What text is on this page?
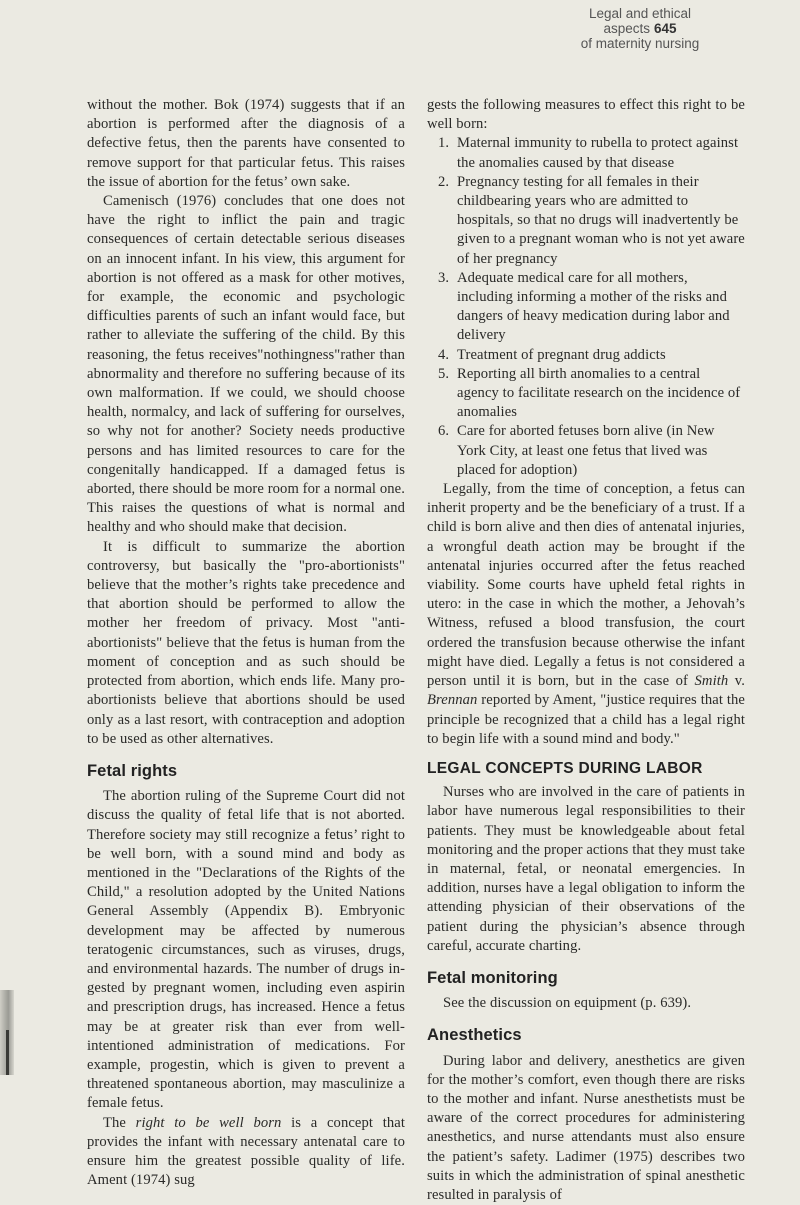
Legal and ethical aspects 645
of maternity nursing

without the mother. Bok (1974) suggests that if an abortion is performed after the diagnosis of a defective fetus, then the parents have consented to remove support for that particular fetus. This raises the issue of abortion for the fetus’ own sake.

Camenisch (1976) concludes that one does not have the right to inflict the pain and tragic consequences of certain detectable serious diseases on an innocent infant. In his view, this argument for abortion is not offered as a mask for other motives, for example, the economic and psychologic difficulties parents of such an infant would face, but rather to alleviate the suffering of the child. By this reasoning, the fetus receives"nothingness"rather than abnormality and therefore no suffering because of its own malformation. If we could, we should choose health, normalcy, and lack of suffering for ourselves, so why not for another? Society needs productive persons and has limited resources to care for the congenitally handicapped. If a damaged fetus is aborted, there should be more room for a normal one. This raises the questions of what is normal and healthy and who should make that decision.

It is difficult to summarize the abortion controversy, but basically the "pro-abortionists" believe that the mother’s rights take precedence and that abortion should be performed to allow the mother her freedom of privacy. Most "anti-abortionists" believe that the fetus is human from the moment of conception and as such should be protected from abortion, which ends life. Many pro-abortionists believe that abortions should be used only as a last resort, with contraception and adoption to be used as other alternatives.

Fetal rights

The abortion ruling of the Supreme Court did not discuss the quality of fetal life that is not aborted. Therefore society may still recognize a fetus’ right to be well born, with a sound mind and body as mentioned in the "Declarations of the Rights of the Child," a resolution adopted by the United Nations General Assembly (Appendix B). Embryonic development may be affected by numerous teratogenic circumstances, such as viruses, drugs, and environmental hazards. The number of drugs ingested by pregnant women, including even aspirin and prescription drugs, has increased. Hence a fetus may be at greater risk than ever from well-intentioned administration of medications. For example, progestin, which is given to prevent a threatened spontaneous abortion, may masculinize a female fetus.

The right to be well born is a concept that provides the infant with necessary antenatal care to ensure him the greatest possible quality of life. Ament (1974) sug

gests the following measures to effect this right to be well born:

1. Maternal immunity to rubella to protect against the anomalies caused by that disease
2. Pregnancy testing for all females in their childbearing years who are admitted to hospitals, so that no drugs will inadvertently be given to a pregnant woman who is not yet aware of her pregnancy
3. Adequate medical care for all mothers, including informing a mother of the risks and dangers of heavy medication during labor and delivery
4. Treatment of pregnant drug addicts
5. Reporting all birth anomalies to a central agency to facilitate research on the incidence of anomalies
6. Care for aborted fetuses born alive (in New York City, at least one fetus that lived was placed for adoption)

Legally, from the time of conception, a fetus can inherit property and be the beneficiary of a trust. If a child is born alive and then dies of antenatal injuries, a wrongful death action may be brought if the antenatal injuries occurred after the fetus reached viability. Some courts have upheld fetal rights in utero: in the case in which the mother, a Jehovah’s Witness, refused a blood transfusion, the court ordered the transfusion because otherwise the infant might have died. Legally a fetus is not considered a person until it is born, but in the case of Smith v. Brennan reported by Ament, "justice requires that the principle be recognized that a child has a legal right to begin life with a sound mind and body."

LEGAL CONCEPTS DURING LABOR

Nurses who are involved in the care of patients in labor have numerous legal responsibilities to their patients. They must be knowledgeable about fetal monitoring and the proper actions that they must take in maternal, fetal, or neonatal emergencies. In addition, nurses have a legal obligation to inform the attending physician of their observations of the patient during the physician’s absence through careful, accurate charting.

Fetal monitoring

See the discussion on equipment (p. 639).

Anesthetics

During labor and delivery, anesthetics are given for the mother’s comfort, even though there are risks to the mother and infant. Nurse anesthetists must be aware of the correct procedures for administering anesthetics, and nurse attendants must also ensure the patient’s safety. Ladimer (1975) describes two suits in which the administration of spinal anesthetic resulted in paralysis of
